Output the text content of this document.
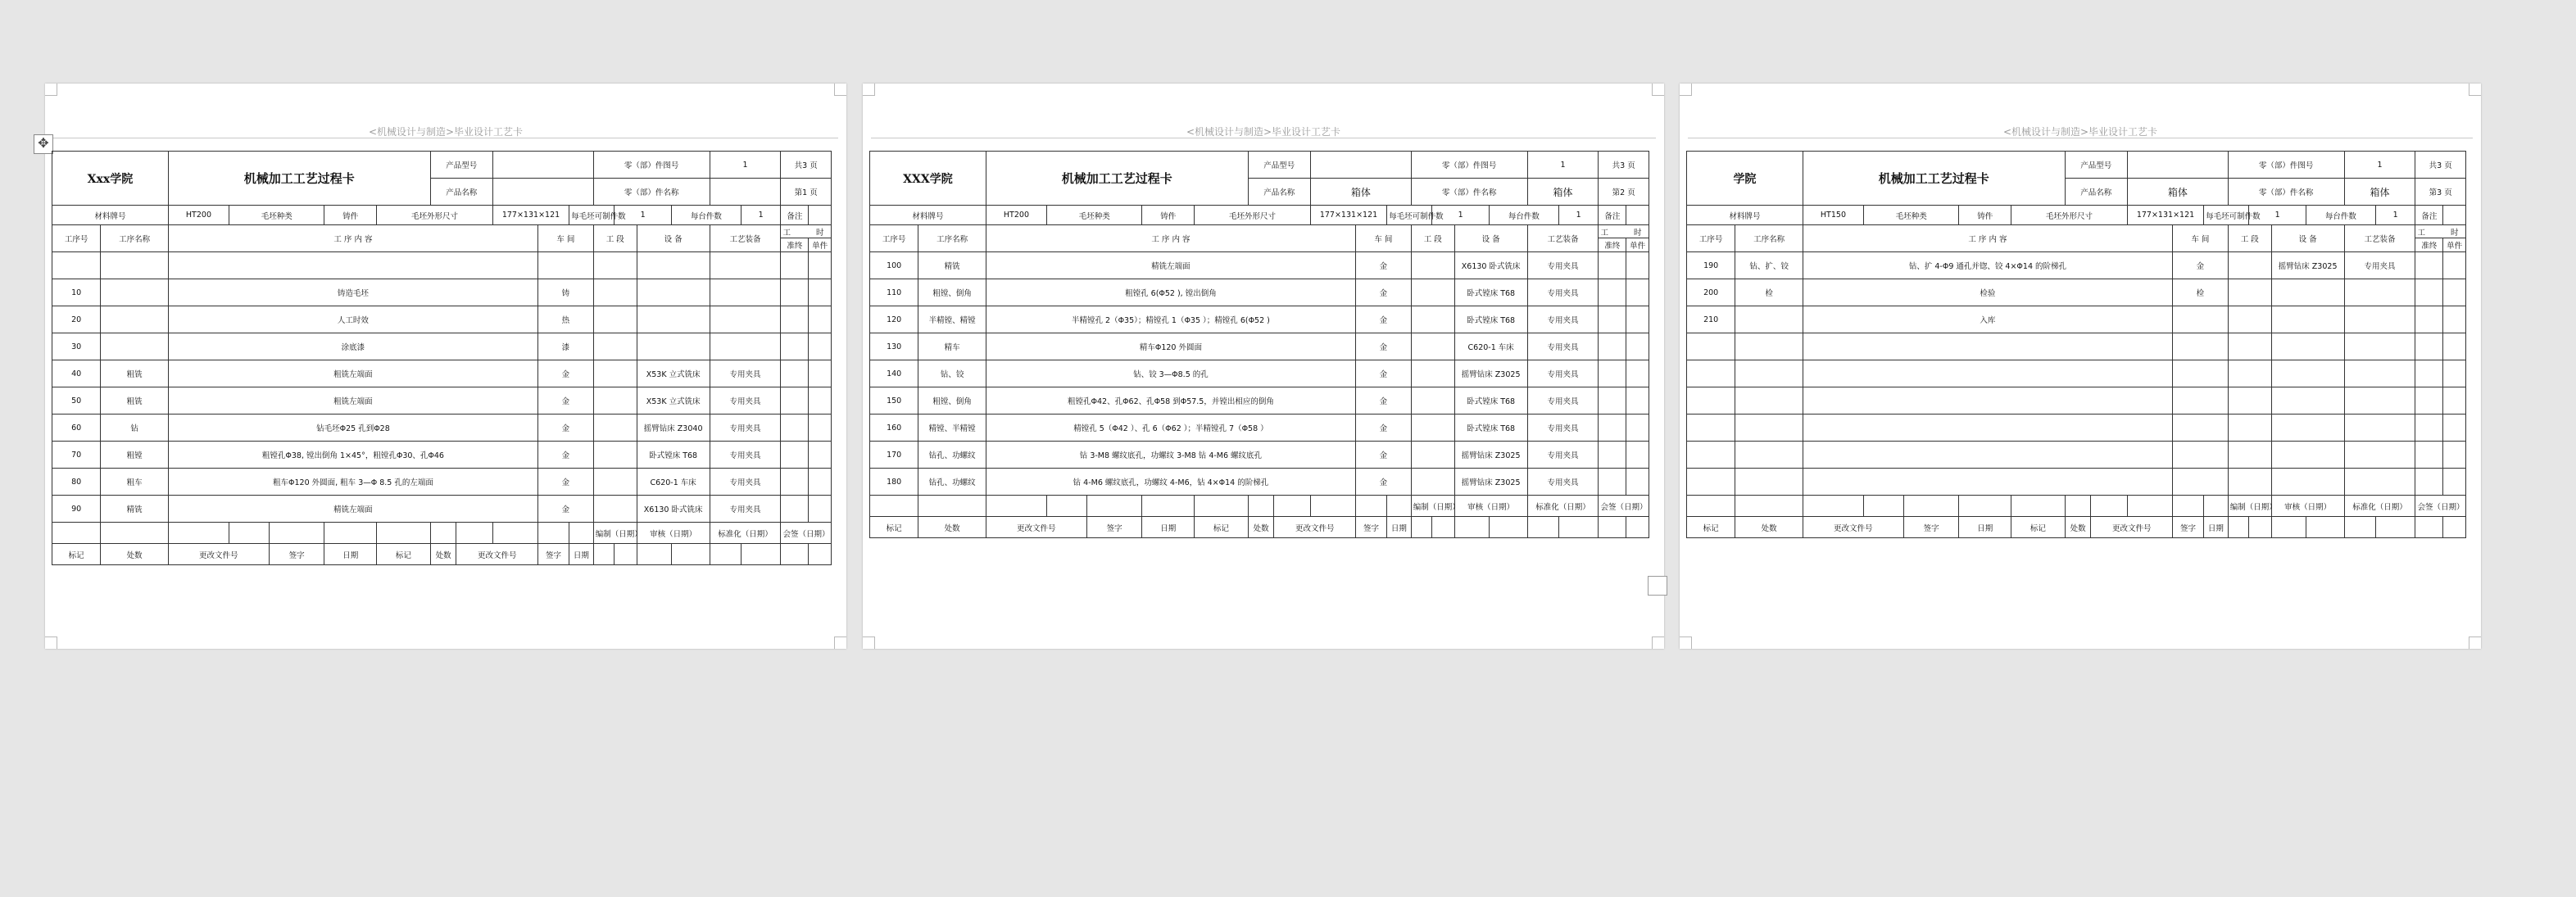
<机械设计与制造>毕业设计工艺卡
✥
Xxx学院		机械加工工艺过程卡					产品型号					零（部）件图号				1		共3 页	
							产品名称					零（部）件名称						第1 页	
材料牌号		HT200	毛坯种类		铸件	毛坯外形尺寸			177×131×121		每毛坯可制件数		1		每台件数		1	备注	
工序号	工序名称	工 序 内 容								车 间		工 段		设 备		工艺装备		工 时	
																		准终	单件

10		铸造毛坯								铸									
20		人工时效								热									
30		涂底漆								漆									
40	粗铣	粗铣左端面								金				X53K 立式铣床		专用夹具			
50	粗铣	粗铣左端面								金				X53K 立式铣床		专用夹具			
60	钻	钻毛坯Φ25 孔到Φ28								金				摇臂钻床 Z3040		专用夹具			
70	粗镗	粗镗孔Φ38, 镗出倒角 1×45°，粗镗孔Φ30、孔Φ46								金				卧式镗床 T68		专用夹具			
80	粗车	粗车Φ120 外圆面, 粗车 3—Φ 8.5 孔的左端面								金				C620-1 车床		专用夹具			
90	精铣	精铣左端面								金				X6130 卧式铣床		专用夹具			
												编制（日期）		审核（日期）		标准化（日期）		会签（日期）	
标记	处数	更改文件号		签字	日期	标记	处数	更改文件号		签字	日期								
<机械设计与制造>毕业设计工艺卡
XXX学院		机械加工工艺过程卡					产品型号					零（部）件图号				1		共3 页	
							产品名称		箱体			零（部）件名称				箱体		第2 页	
材料牌号		HT200	毛坯种类		铸件	毛坯外形尺寸			177×131×121		每毛坯可制件数		1		每台件数		1	备注	
工序号	工序名称	工 序 内 容								车 间		工 段		设 备		工艺装备		工 时	
																		准终	单件
100	精铣	精铣左端面								金				X6130 卧式铣床		专用夹具			
110	粗镗、倒角	粗镗孔 6(Φ52 ), 镗出倒角								金				卧式镗床 T68		专用夹具			
120	半精镗、精镗	半精镗孔 2（Φ35）；精镗孔 1（Φ35 ）；精镗孔 6(Φ52 )								金				卧式镗床 T68		专用夹具			
130	精车	精车Φ120 外圆面								金				C620-1 车床		专用夹具			
140	钻、铰	钻、铰 3—Φ8.5 的孔								金				摇臂钻床 Z3025		专用夹具			
150	粗镗、倒角	粗镗孔Φ42、孔Φ62、孔Φ58 到Φ57.5，并镗出相应的倒角								金				卧式镗床 T68		专用夹具			
160	精镗、半精镗	精镗孔 5（Φ42 ）、孔 6（Φ62 ）；半精镗孔 7（Φ58 ）								金				卧式镗床 T68		专用夹具			
170	钻孔、功螺纹	钻 3-M8 螺纹底孔，功螺纹 3-M8 钻 4-M6 螺纹底孔								金				摇臂钻床 Z3025		专用夹具			
180	钻孔、功螺纹	钻 4-M6 螺纹底孔，功螺纹 4-M6，钻 4×Φ14 的阶梯孔								金				摇臂钻床 Z3025		专用夹具			
												编制（日期）		审核（日期）		标准化（日期）		会签（日期）	
标记	处数	更改文件号		签字	日期	标记	处数	更改文件号		签字	日期								
<机械设计与制造>毕业设计工艺卡
学院		机械加工工艺过程卡					产品型号					零（部）件图号				1		共3 页	
							产品名称		箱体			零（部）件名称				箱体		第3 页	
材料牌号		HT150	毛坯种类		铸件	毛坯外形尺寸			177×131×121		每毛坯可制件数		1		每台件数		1	备注	
工序号	工序名称	工 序 内 容								车 间		工 段		设 备		工艺装备		工 时	
																		准终	单件
190	钻、扩、铰	钻、扩 4-Φ9 通孔并锪、铰 4×Φ14 的阶梯孔								金				摇臂钻床 Z3025		专用夹具			
200	检	检验								检									
210		入库																	

												编制（日期）		审核（日期）		标准化（日期）		会签（日期）	
标记	处数	更改文件号		签字	日期	标记	处数	更改文件号		签字	日期								
